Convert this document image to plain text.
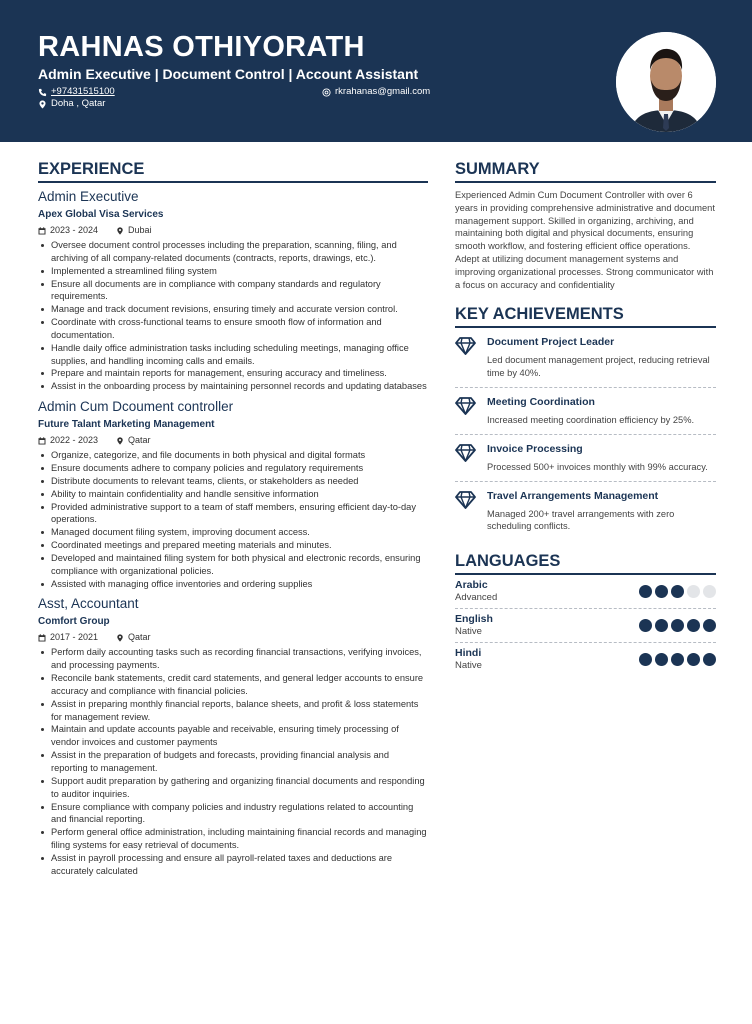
RAHNAS OTHIYORATH
Admin Executive | Document Control | Account Assistant
+97431515100	rkrahanas@gmail.com
Doha , Qatar
EXPERIENCE
Admin Executive
Apex Global Visa Services
2023 - 2024	Dubai
Oversee document control processes including the preparation, scanning, filing, and archiving of all company-related documents (contracts, reports, drawings, etc.).
Implemented a streamlined filing system
Ensure all documents are in compliance with company standards and regulatory requirements.
Manage and track document revisions, ensuring timely and accurate version control.
Coordinate with cross-functional teams to ensure smooth flow of information and documentation.
Handle daily office administration tasks including scheduling meetings, managing office supplies, and handling incoming calls and emails.
Prepare and maintain reports for management, ensuring accuracy and timeliness.
Assist in the onboarding process by maintaining personnel records and updating databases
Admin Cum Dcoument controller
Future Talant Marketing Management
2022 - 2023	Qatar
Organize, categorize, and file documents in both physical and digital formats
Ensure documents adhere to company policies and regulatory requirements
Distribute documents to relevant teams, clients, or stakeholders as needed
Ability to maintain confidentiality and handle sensitive information
Provided administrative support to a team of staff members, ensuring efficient day-to-day operations.
Managed document filing system, improving document access.
Coordinated meetings and prepared meeting materials and minutes.
Developed and maintained filing system for both physical and electronic records, ensuring compliance with organizational policies.
Assisted with managing office inventories and ordering supplies
Asst, Accountant
Comfort Group
2017 - 2021	Qatar
Perform daily accounting tasks such as recording financial transactions, verifying invoices, and processing payments.
Reconcile bank statements, credit card statements, and general ledger accounts to ensure accuracy and compliance with financial policies.
Assist in preparing monthly financial reports, balance sheets, and profit & loss statements for management review.
Maintain and update accounts payable and receivable, ensuring timely processing of vendor invoices and customer payments
Assist in the preparation of budgets and forecasts, providing financial analysis and reporting to management.
Support audit preparation by gathering and organizing financial documents and responding to auditor inquiries.
Ensure compliance with company policies and industry regulations related to accounting and financial reporting.
Perform general office administration, including maintaining financial records and managing filing systems for easy retrieval of documents.
Assist in payroll processing and ensure all payroll-related taxes and deductions are accurately calculated
SUMMARY
Experienced Admin Cum Document Controller with over 6 years in providing comprehensive administrative and document management support. Skilled in organizing, archiving, and maintaining both digital and physical documents, ensuring smooth workflow, and fostering efficient office operations. Adept at utilizing document management systems and improving organizational processes. Strong communicator with a focus on accuracy and confidentiality
KEY ACHIEVEMENTS
Document Project Leader
Led document management project, reducing retrieval time by 40%.
Meeting Coordination
Increased meeting coordination efficiency by 25%.
Invoice Processing
Processed 500+ invoices monthly with 99% accuracy.
Travel Arrangements Management
Managed 200+ travel arrangements with zero scheduling conflicts.
LANGUAGES
Arabic
Advanced
English
Native
Hindi
Native
